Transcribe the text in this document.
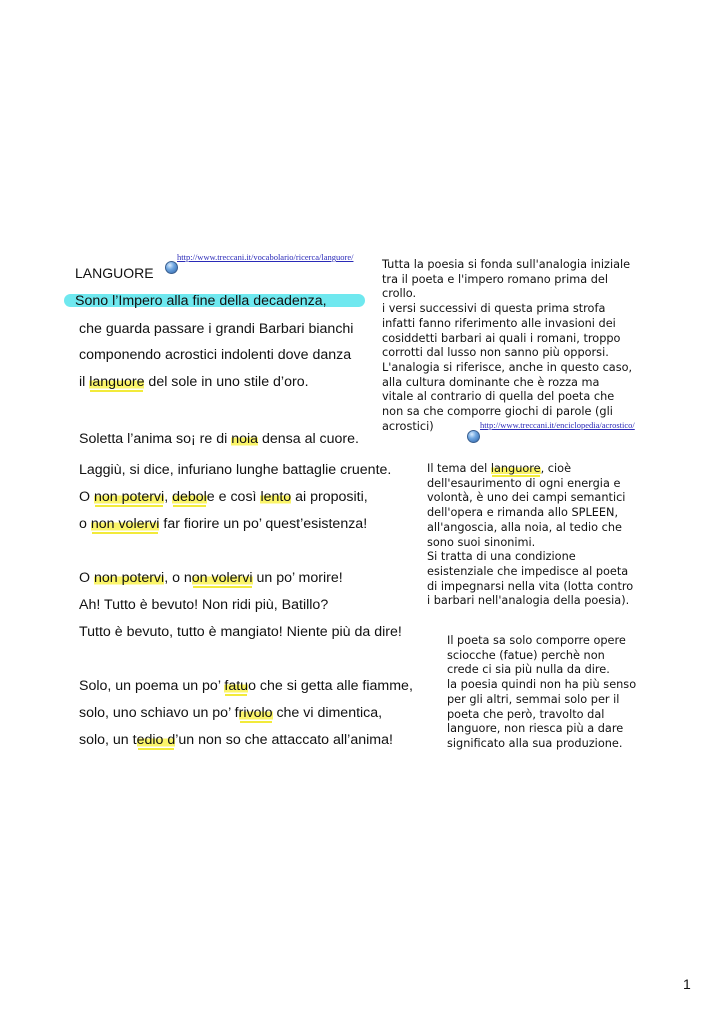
http://www.treccani.it/vocabolario/ricerca/languore/
LANGUORE
Sono l’Impero alla fine della decadenza,
che guarda passare i grandi Barbari bianchi
componendo acrostici indolenti dove danza
il languore del sole in uno stile d’oro.
Soletta l’anima so¡ re di noia densa al cuore.
Laggiù, si dice, infuriano lunghe battaglie cruente.
O non potervi, debole e così lento ai propositi,
o non volervi far fiorire un po’ quest’esistenza!
O non potervi, o non volervi un po’ morire!
Ah! Tutto è bevuto! Non ridi più, Batillo?
Tutto è bevuto, tutto è mangiato! Niente più da dire!
Solo, un poema un po’ fatuo che si getta alle fiamme,
solo, uno schiavo un po’ frivolo che vi dimentica,
solo, un tedio d’un non so che attaccato all’anima!
Tutta la poesia si fonda sull'analogia iniziale
tra il poeta e l'impero romano prima del
crollo.
i versi successivi di questa prima strofa
infatti fanno riferimento alle invasioni dei
cosiddetti barbari ai quali i romani, troppo
corrotti dal lusso non sanno più opporsi.
L'analogia si riferisce, anche in questo caso,
alla cultura dominante che è rozza ma
vitale al contrario di quella del poeta che
non sa che comporre giochi di parole (gli
acrostici)	http://www.treccani.it/enciclopedia/acrostico/
Il tema del languore, cioè
dell'esaurimento di ogni energia e
volontà, è uno dei campi semantici
dell'opera e rimanda allo SPLEEN,
all'angoscia, alla noia, al tedio che
sono suoi sinonimi.
Si tratta di una condizione
esistenziale che impedisce al poeta
di impegnarsi nella vita (lotta contro
i barbari nell'analogia della poesia).
Il poeta sa solo comporre opere
sciocche (fatue) perchè non
crede ci sia più nulla da dire.
la poesia quindi non ha più senso
per gli altri, semmai solo per il
poeta che però, travolto dal
languore, non riesca più a dare
significato alla sua produzione.
1
